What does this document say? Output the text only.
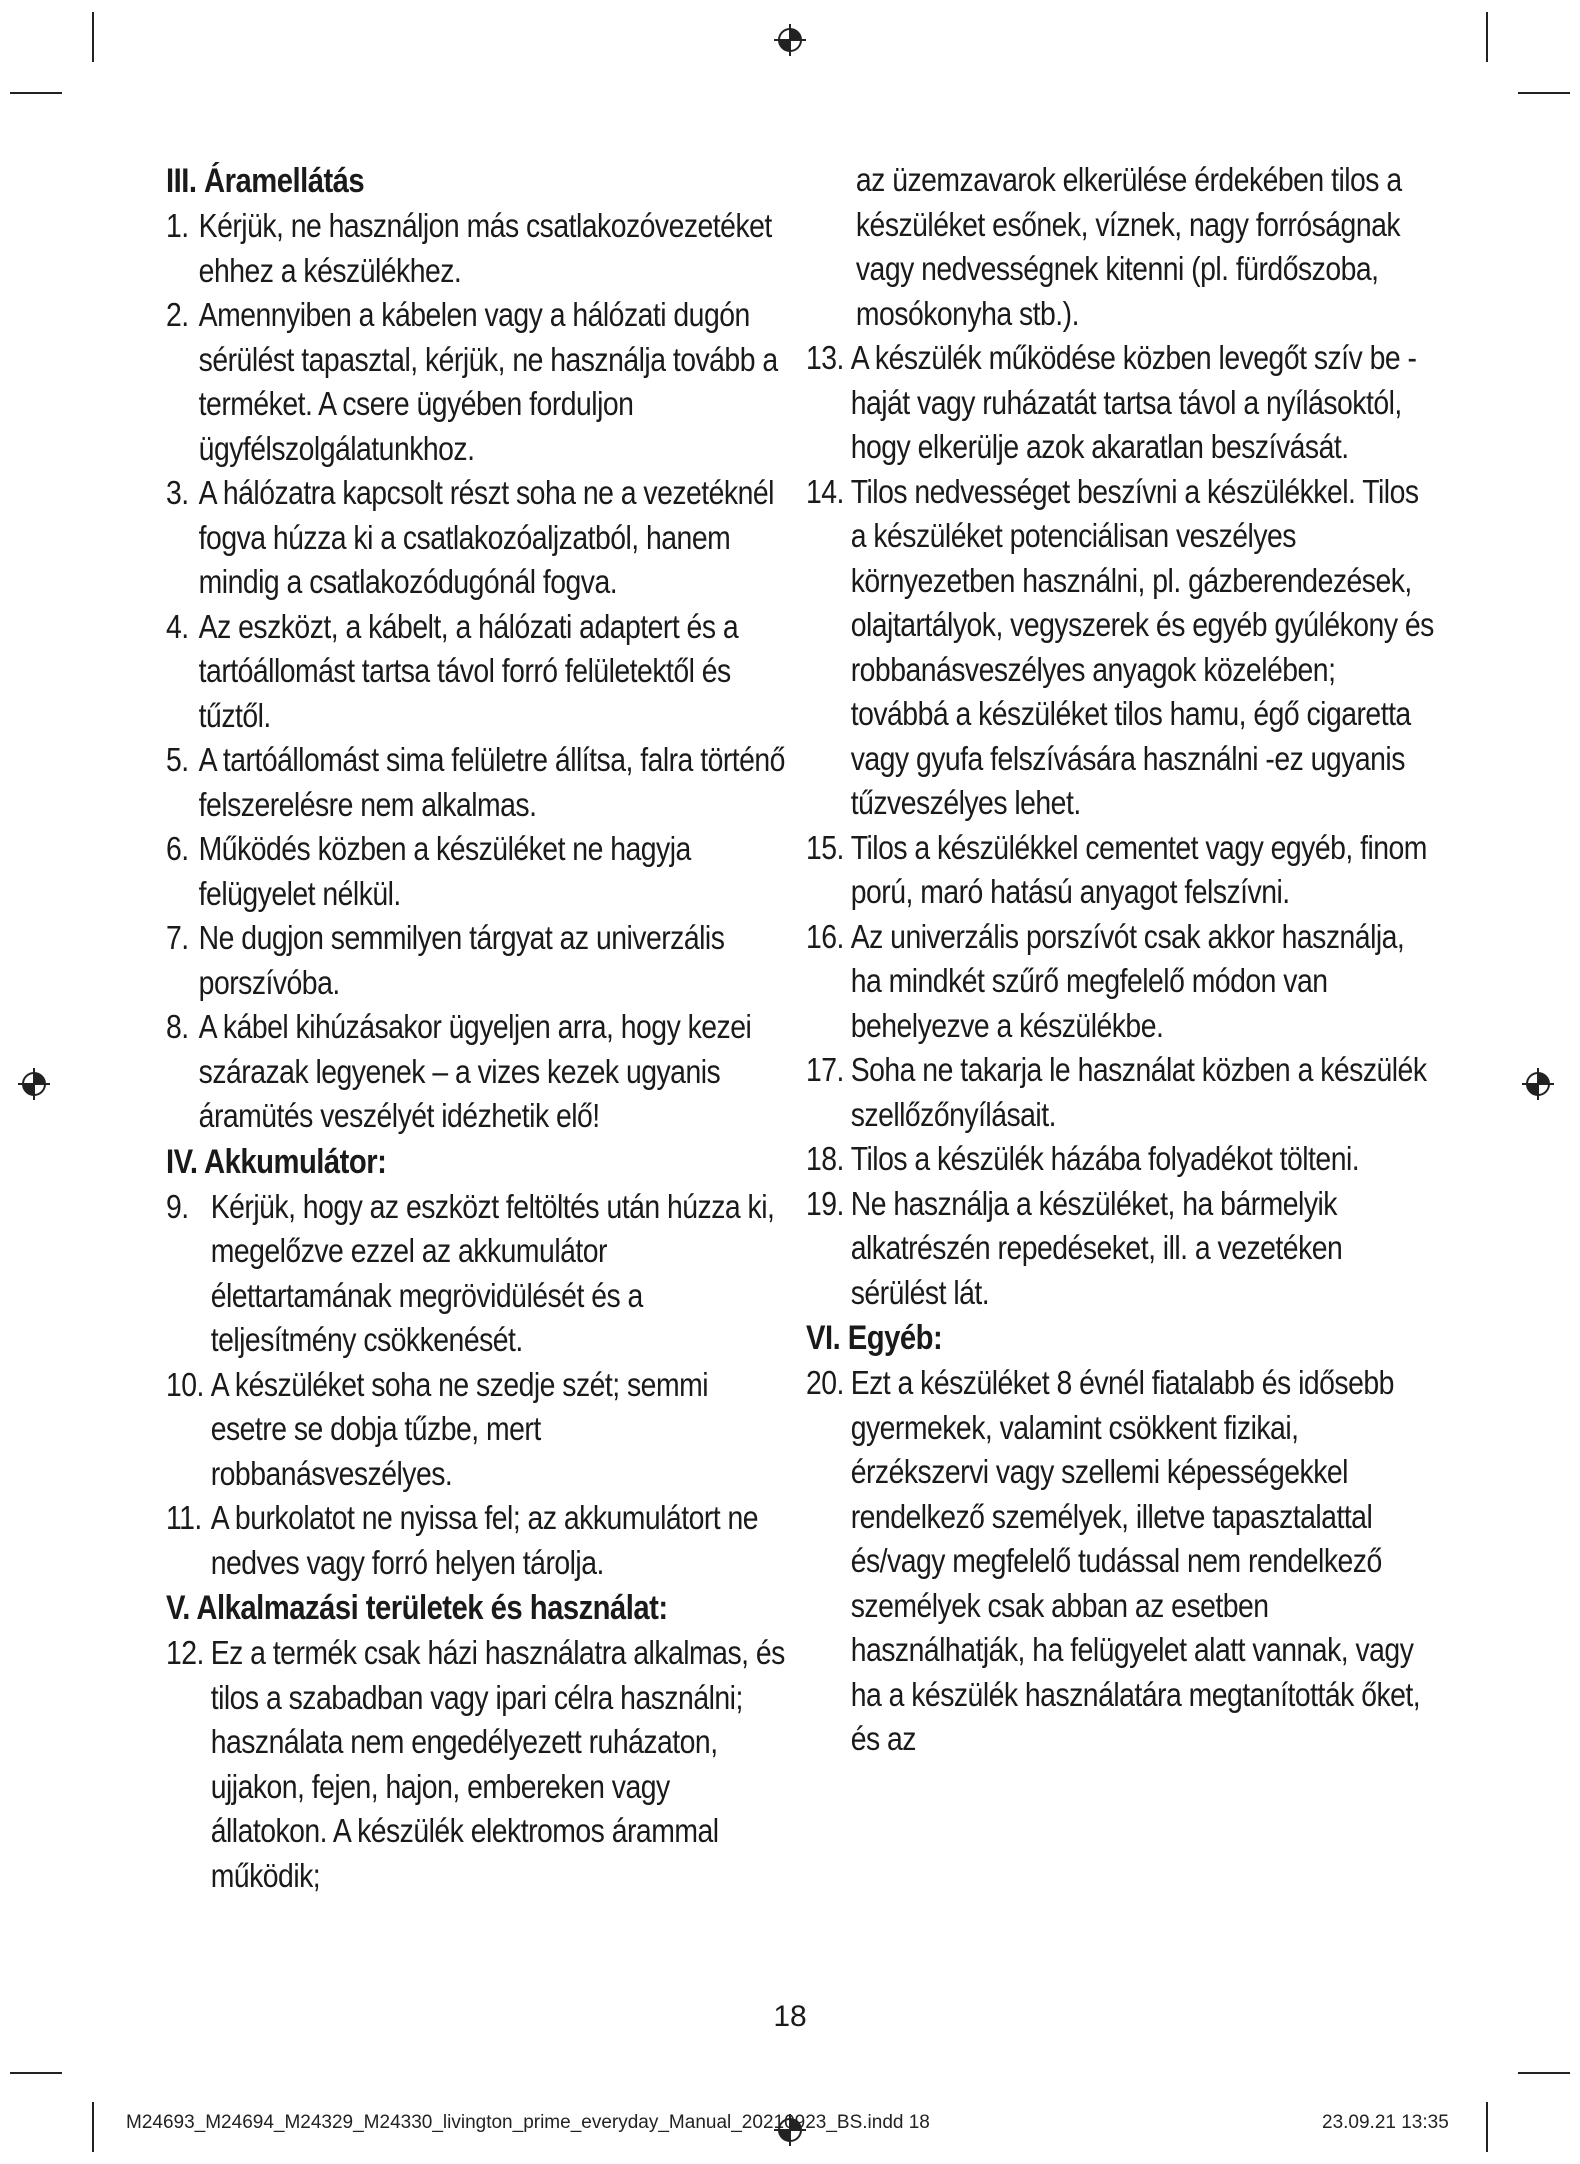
III. Áramellátás
1. Kérjük, ne használjon más csatlakozóvezetéket ehhez a készülékhez.
2. Amennyiben a kábelen vagy a hálózati dugón sérülést tapasztal, kérjük, ne használja tovább a terméket. A csere ügyében forduljon ügyfélszolgálatunkhoz.
3. A hálózatra kapcsolt részt soha ne a vezetéknél fogva húzza ki a csatlakozóaljzatból, hanem mindig a csatlakozódugónál fogva.
4. Az eszközt, a kábelt, a hálózati adaptert és a tartóállomást tartsa távol forró felületektől és tűztől.
5. A tartóállomást sima felületre állítsa, falra történő felszerelésre nem alkalmas.
6. Működés közben a készüléket ne hagyja felügyelet nélkül.
7. Ne dugjon semmilyen tárgyat az univerzális porszívóba.
8. A kábel kihúzásakor ügyeljen arra, hogy kezei szárazak legyenek – a vizes kezek ugyanis áramütés veszélyét idézhetik elő!
IV. Akkumulátor:
9. Kérjük, hogy az eszközt feltöltés után húzza ki, megelőzve ezzel az akkumulátor élettartamának megrövidülését és a teljesítmény csökkenését.
10. A készüléket soha ne szedje szét; semmi esetre se dobja tűzbe, mert robbanásveszélyes.
11. A burkolatot ne nyissa fel; az akkumulátort ne nedves vagy forró helyen tárolja.
V. Alkalmazási területek és használat:
12. Ez a termék csak házi használatra alkalmas, és tilos a szabadban vagy ipari célra használni; használata nem engedélyezett ruházaton, ujjakon, fejen, hajon, embereken vagy állatokon. A készülék elektromos árammal működik;

az üzemzavarok elkerülése érdekében tilos a készüléket esőnek, víznek, nagy forróságnak vagy nedvességnek kitenni (pl. fürdőszoba, mosókonyha stb.).

13. A készülék működése közben levegőt szív be -haját vagy ruházatát tartsa távol a nyílásoktól, hogy elkerülje azok akaratlan beszívását.
14. Tilos nedvességet beszívni a készülékkel. Tilos a készüléket potenciálisan veszélyes környezetben használni, pl. gázberendezések, olajtartályok, vegyszerek és egyéb gyúlékony és robbanásveszélyes anyagok közelében; továbbá a készüléket tilos hamu, égő cigaretta vagy gyufa felszívására használni -ez ugyanis tűzveszélyes lehet.
15. Tilos a készülékkel cementet vagy egyéb, finom porú, maró hatású anyagot felszívni.
16. Az univerzális porszívót csak akkor használja, ha mindkét szűrő megfelelő módon van behelyezve a készülékbe.
17. Soha ne takarja le használat közben a készülék szellőzőnyílásait.
18. Tilos a készülék házába folyadékot tölteni.
19. Ne használja a készüléket, ha bármelyik alkatrészén repedéseket, ill. a vezetéken sérülést lát.
VI. Egyéb:
20. Ezt a készüléket 8 évnél fiatalabb és idősebb gyermekek, valamint csökkent fizikai, érzékszervi vagy szellemi képességekkel rendelkező személyek, illetve tapasztalattal és/vagy megfelelő tudással nem rendelkező személyek csak abban az esetben használhatják, ha felügyelet alatt vannak, vagy ha a készülék használatára megtanították őket, és az
18
M24693_M24694_M24329_M24330_livington_prime_everyday_Manual_20210923_BS.indd 18	23.09.21 13:35
